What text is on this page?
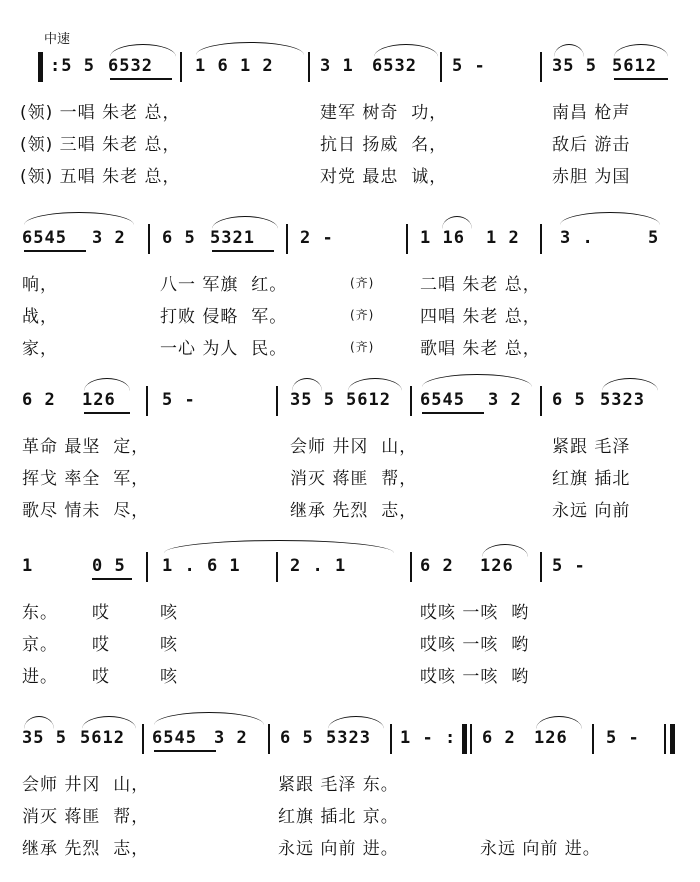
中速
:5 5 6532 1 6 1 2	3 1 6532 5 -	35 5 5612
(领) 一唱 朱老 总，	建军 树奇  功，	南昌 枪声
(领) 三唱 朱老 总，	抗日 扬威  名，	敌后 游击
(领) 五唱 朱老 总，	对党 最忠  诚，	赤胆 为国
6545 3 2 6 5 5321	2 -	1 16 1 2 3 .	5
响，	八一 军旗  红。	(齐)	二唱 朱老 总，
战，	打败 侵略  军。	(齐)	四唱 朱老 总，
家，	一心 为人  民。	(齐)	歌唱 朱老 总，
6 2 126	5 -	35 5 5612 6545 3 2 6 5 5323
革命 最坚  定，	会师 井冈  山，	紧跟 毛泽
挥戈 率全  军，	消灭 蒋匪  帮，	红旗 插北
歌尽 情未  尽，	继承 先烈  志，	永远 向前
1	0 5 1 . 6 1	2 . 1	6 2 126 5 -
东。 哎	咳	哎咳 一咳  哟
京。 哎	咳	哎咳 一咳  哟
进。 哎	咳	哎咳 一咳  哟
35 5 5612 6545 3 2 6 5 5323 1 - : 6 2 126 5 -
会师 井冈  山，	紧跟 毛泽 东。
消灭 蒋匪  帮，	红旗 插北 京。
继承 先烈  志，	永远 向前 进。	永远 向前 进。
